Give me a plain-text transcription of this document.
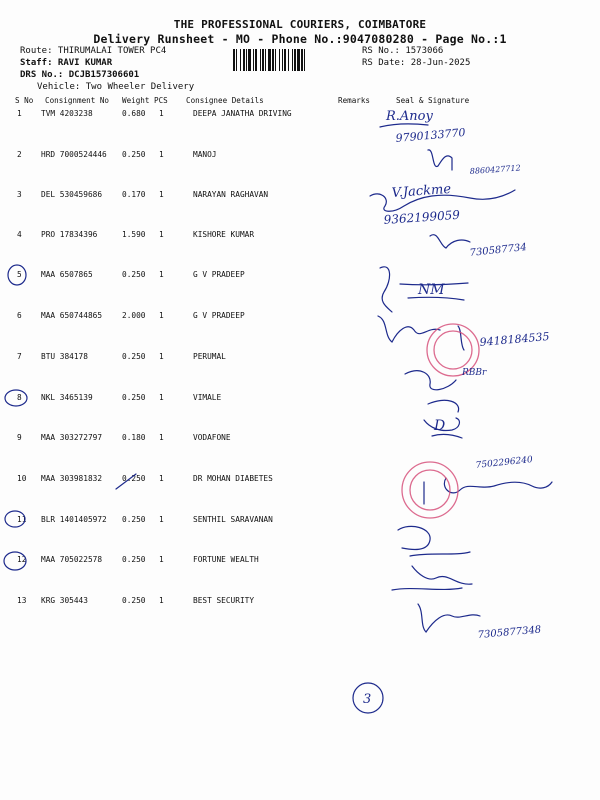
THE PROFESSIONAL COURIERS, COIMBATORE
Delivery Runsheet - MO - Phone No.:9047080280 - Page No.:1
Route: THIRUMALAI TOWER PC4
Staff: RAVI KUMAR
DRS No.: DCJB157306601
Vehicle: Two Wheeler Delivery
RS No.: 1573066
RS Date: 28-Jun-2025
S No Consignment No Weight PCS Consignee Details	Remarks	Seal & Signature
1 TVM 4203238	0.680 1	DEEPA JANATHA DRIVING
2 HRD 7000524446 0.250 1	MANOJ
3 DEL 530459686	0.170 1	NARAYAN RAGHAVAN
4 PRO 17834396	1.590 1	KISHORE KUMAR
5 MAA 6507865	0.250 1	G V PRADEEP
6 MAA 650744865	2.000 1	G V PRADEEP
7 BTU 384178	0.250 1	PERUMAL
8 NKL 3465139	0.250 1	VIMALE
9 MAA 303272797	0.180 1	VODAFONE
10 MAA 303981832	0.250 1	DR MOHAN DIABETES
11 BLR 1401405972 0.250 1	SENTHIL SARAVANAN
12 MAA 705022578	0.250 1	FORTUNE WEALTH
13 KRG 305443	0.250 1	BEST SECURITY
R.Anoy
9790133770
8860427712
V.Jackme
9362199059
730587734
NM
9418184535
RBBr
D
7502296240
3
7305877348
